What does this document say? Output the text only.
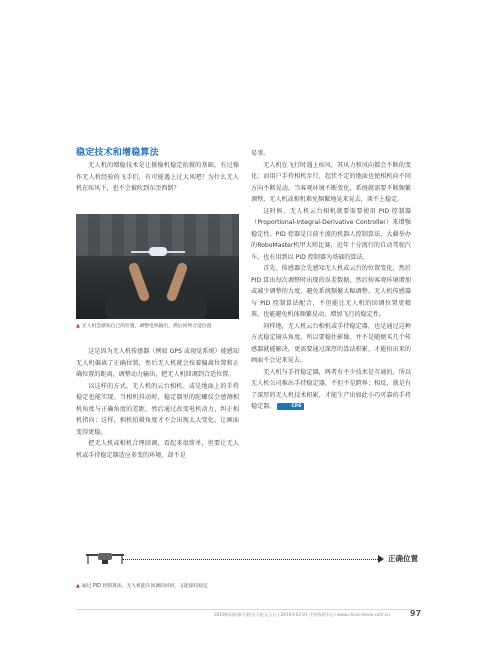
稳定技术和增稳算法

无人机的增稳技术是让摄像机稳定拍摄的基础。有过操作无人机经验的飞手们，有可能遇上过大风吧？为什么无人机在疾风下，也不会被吹到东歪西倒？

▲ 无人机会感知自己的位置，调整电机输出，然后回到合适位置

这是因为无人机传感器（例如 GPS 或视觉系统）能感知无人机偏离了正确位置，然后无人机就会按着偏离位置和正确位置的距离，调整动力输出，把无人机回调到合适位置。

以这样的方式，无人机的云台相机、或是地面上的手持稳定也能实现。当相机抖动时，稳定器里的陀螺仪会感测相机角度与正确角度的差距，然后通过改变电机动力，纠正相机指向；这样，相机拍摄角度才不会出现太大变化，让画面变得更稳。

把无人机或相机合理回调，看起来很简单，但要让无人机或手持稳定器适应多变的环境，却不是

易事。

无人机在飞行时遇上疾风，其风力和风向都会不断的变化；而用户手持相机步行，起伏不定的地面也使相机向不同方向不断晃动。当客观环境不断变化，系统就需要不断频繁调整，无人机或相机难免频繁地晃来晃去，谈不上稳定。

这时候，无人机云台相机就要需要使用 PID 控制器（Proportional-Integral-Derivative Controller）来增强稳定性。PID 控器是目前主流的机器人控制算法，大疆举办的RoboMaster机甲大师比赛，近年十分流行的自动驾驶汽车，也有用到以 PID 控制器为基础的算法。

首先，传感器会先感知无人机或云台的位置变化，然后 PID 算出每次调整时出现的误差数据，然后按客观环境增加或减少调整的力度，避免系统频繁大幅调整。无人机传感器与 PID 控制算法配合，不但能让无人机的回调位置更精准，也能避免机体频繁晃动，增加飞行的稳定性。

同样地，无人机云台相机或手持稳定器，也是通过这种方式稳定镜头角度。所以要稳住影像，并不是随便买几个传感器就能解决，更需要通过深厚的算法积累，才能拍出来的画面不会见来晃去。

无人机与手持稳定器，两者有不少技术是互通的，所以无人机公司推出手持稳定器，不但不是跨界；相反，就是有了深厚的无人机技术积累，才能生产出如此小巧可靠的手持稳定器。	CPS

正确位置
▲ 通过 PID 控制算法，无人机能在回调的同时，又能保持稳定
2019数码影像手册(无人机及云台 | 2019年03-01 手机数码中心) www.china-drone.com.cn	97
